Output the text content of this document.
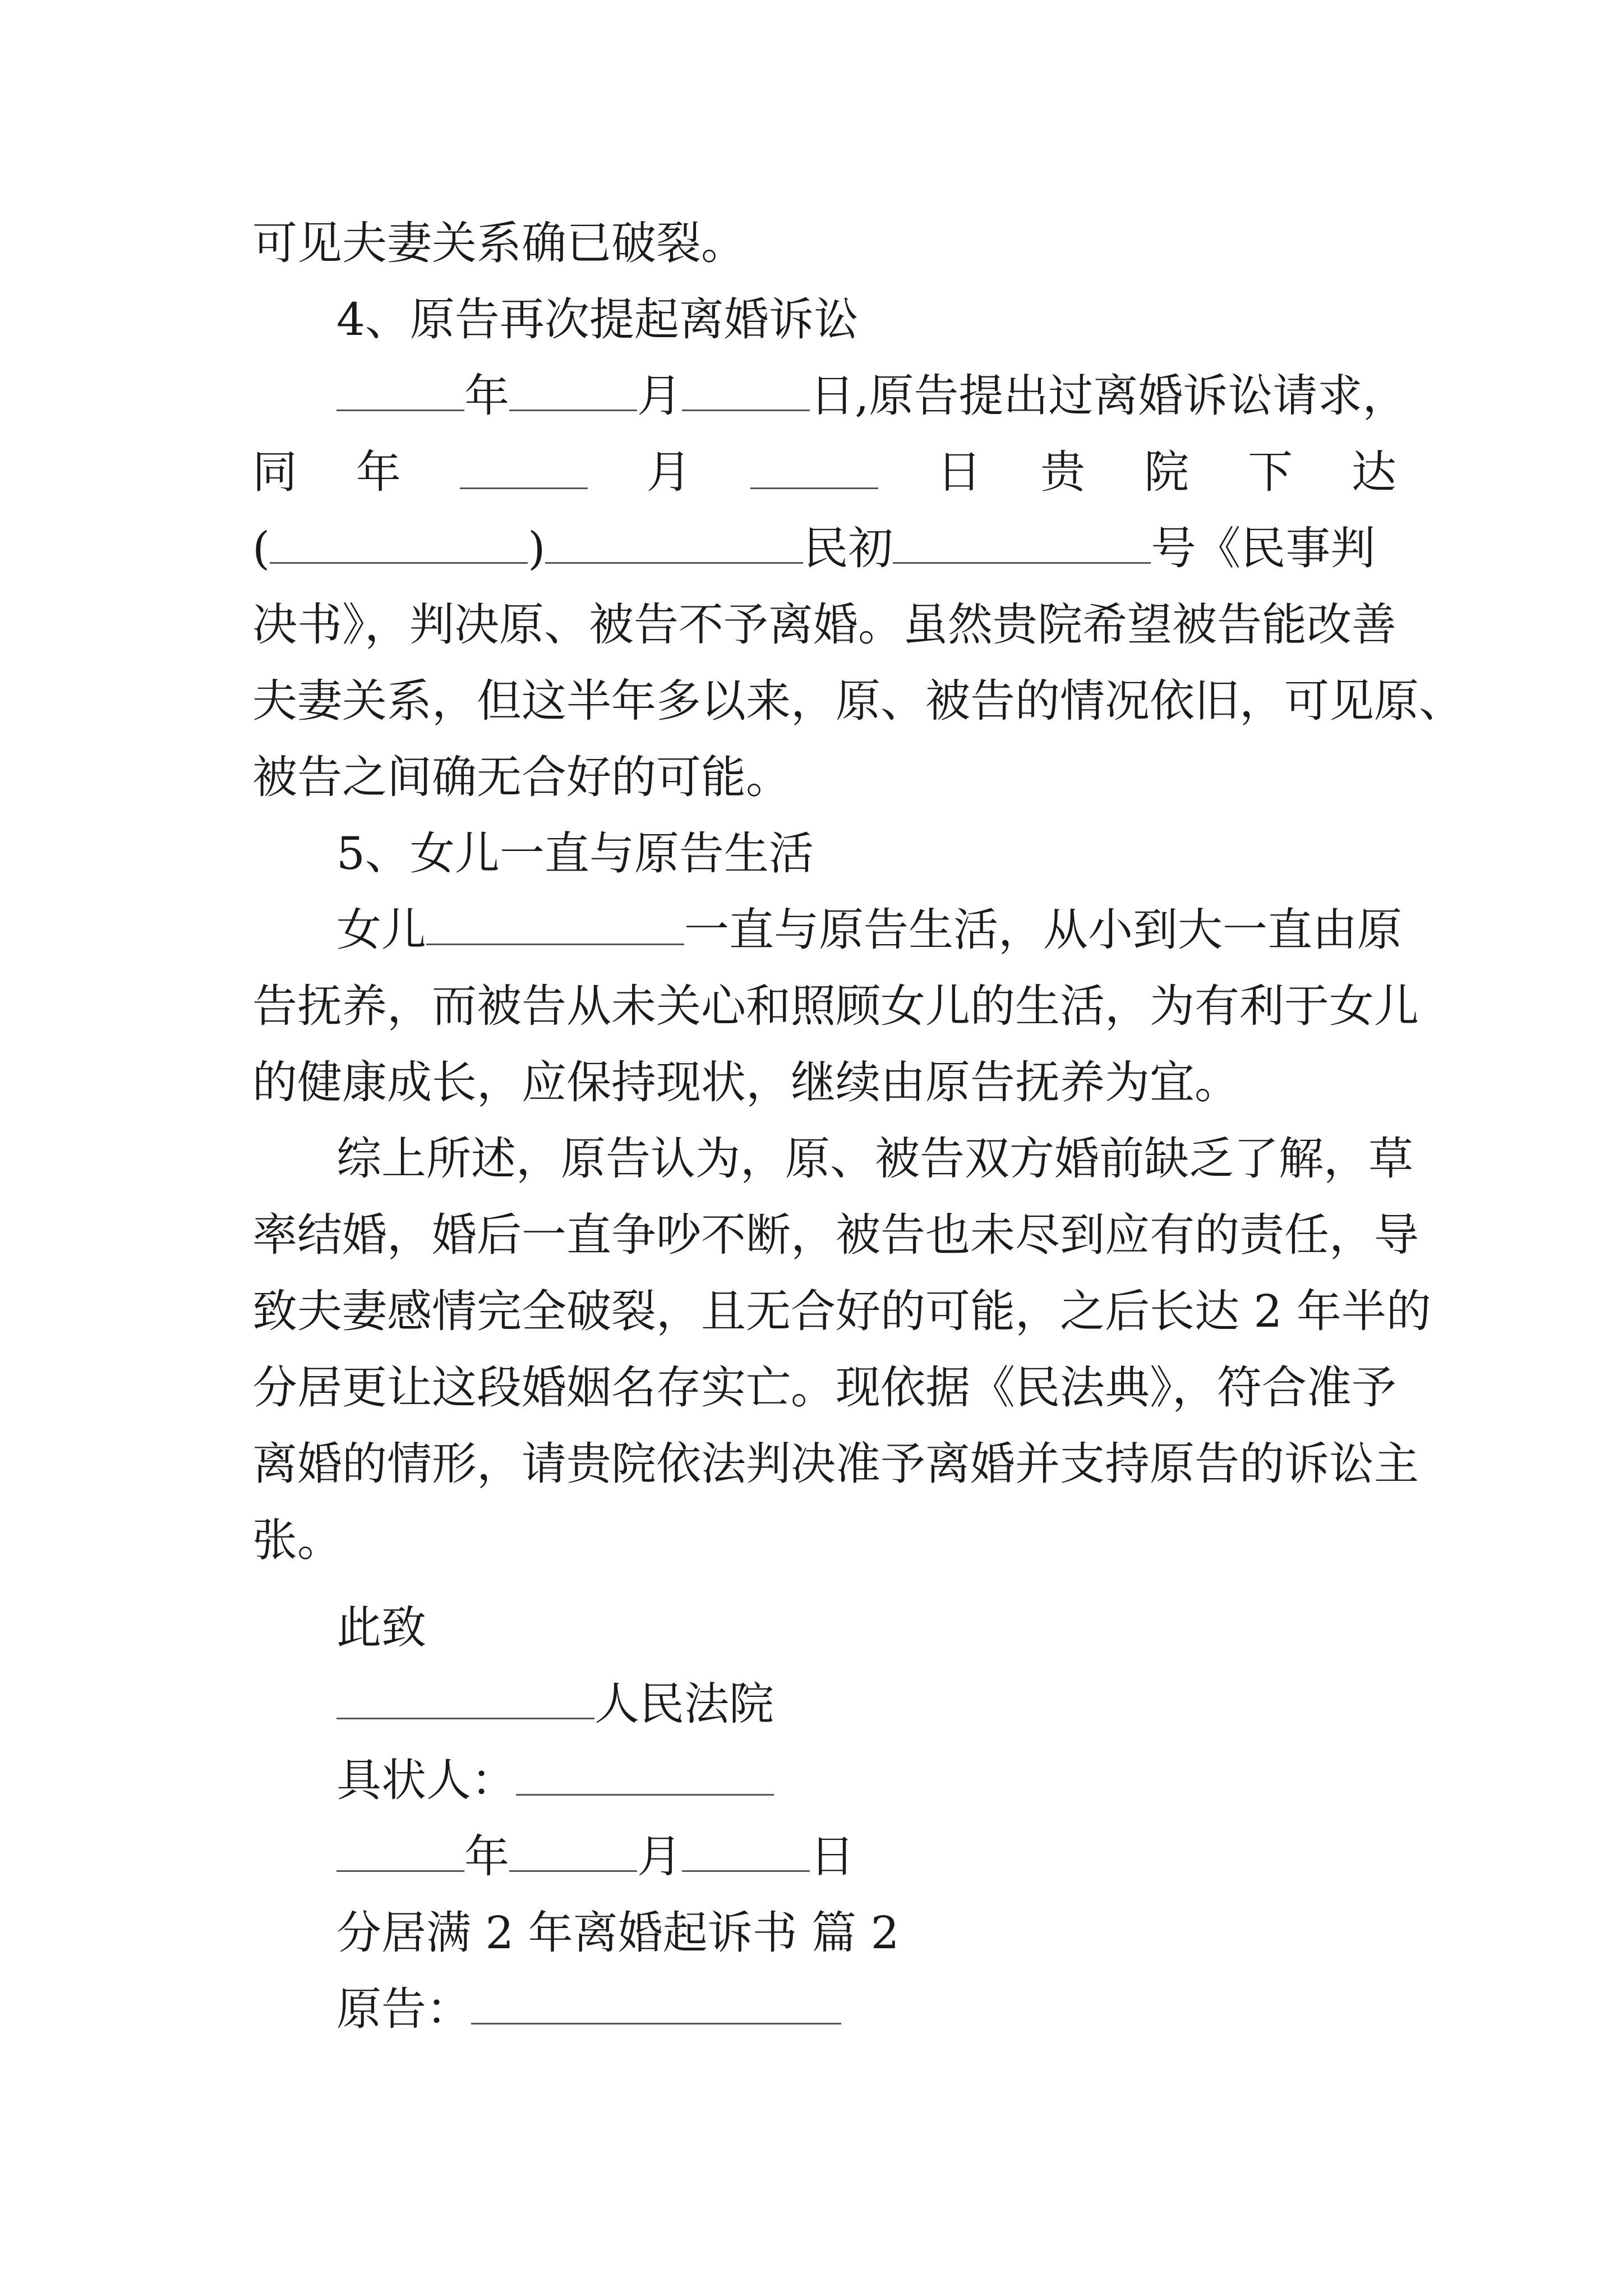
可见夫妻关系确已破裂。
4、原告再次提起离婚诉讼
年	月	日,原告提出过离婚诉讼请求，
同 年	月	日 贵 院 下 达
(	)	民初	号《民事判
决书》，判决原、被告不予离婚。虽然贵院希望被告能改善
夫妻关系，但这半年多以来，原、被告的情况依旧，可见原、
被告之间确无合好的可能。
5、女儿一直与原告生活
女儿	一直与原告生活，从小到大一直由原
告抚养，而被告从未关心和照顾女儿的生活，为有利于女儿
的健康成长，应保持现状，继续由原告抚养为宜。
综上所述，原告认为，原、被告双方婚前缺乏了解，草
率结婚，婚后一直争吵不断，被告也未尽到应有的责任，导
致夫妻感情完全破裂，且无合好的可能，之后长达 2 年半的
分居更让这段婚姻名存实亡。现依据《民法典》，符合准予
离婚的情形，请贵院依法判决准予离婚并支持原告的诉讼主
张。
此致
人民法院
具状人：
年	月	日
分居满 2 年离婚起诉书 篇 2
原告：
